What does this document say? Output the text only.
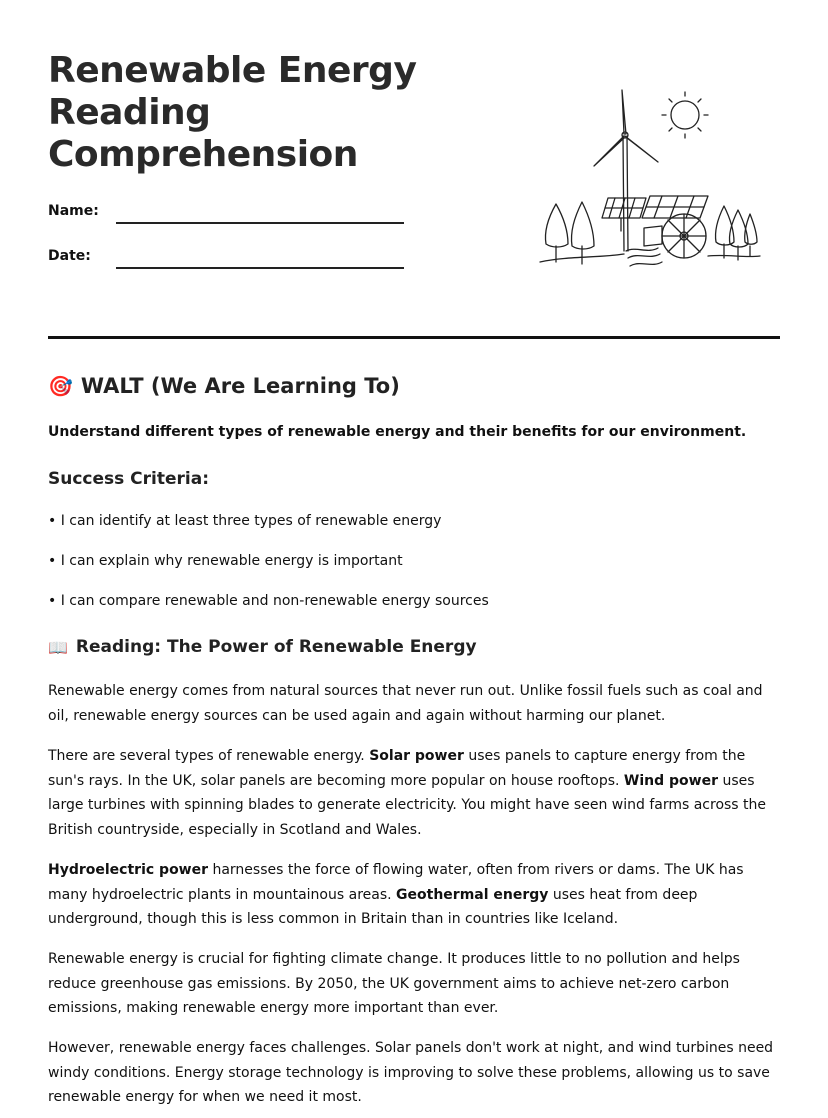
Renewable Energy Reading Comprehension
Name:
Date:
🎯 WALT (We Are Learning To)
Understand different types of renewable energy and their benefits for our environment.
Success Criteria:
• I can identify at least three types of renewable energy
• I can explain why renewable energy is important
• I can compare renewable and non-renewable energy sources
📖 Reading: The Power of Renewable Energy

Renewable energy comes from natural sources that never run out. Unlike fossil fuels such as coal and oil, renewable energy sources can be used again and again without harming our planet.

There are several types of renewable energy. Solar power uses panels to capture energy from the sun's rays. In the UK, solar panels are becoming more popular on house rooftops. Wind power uses large turbines with spinning blades to generate electricity. You might have seen wind farms across the British countryside, especially in Scotland and Wales.

Hydroelectric power harnesses the force of flowing water, often from rivers or dams. The UK has many hydroelectric plants in mountainous areas. Geothermal energy uses heat from deep underground, though this is less common in Britain than in countries like Iceland.

Renewable energy is crucial for fighting climate change. It produces little to no pollution and helps reduce greenhouse gas emissions. By 2050, the UK government aims to achieve net-zero carbon emissions, making renewable energy more important than ever.

However, renewable energy faces challenges. Solar panels don't work at night, and wind turbines need windy conditions. Energy storage technology is improving to solve these problems, allowing us to save renewable energy for when we need it most.
